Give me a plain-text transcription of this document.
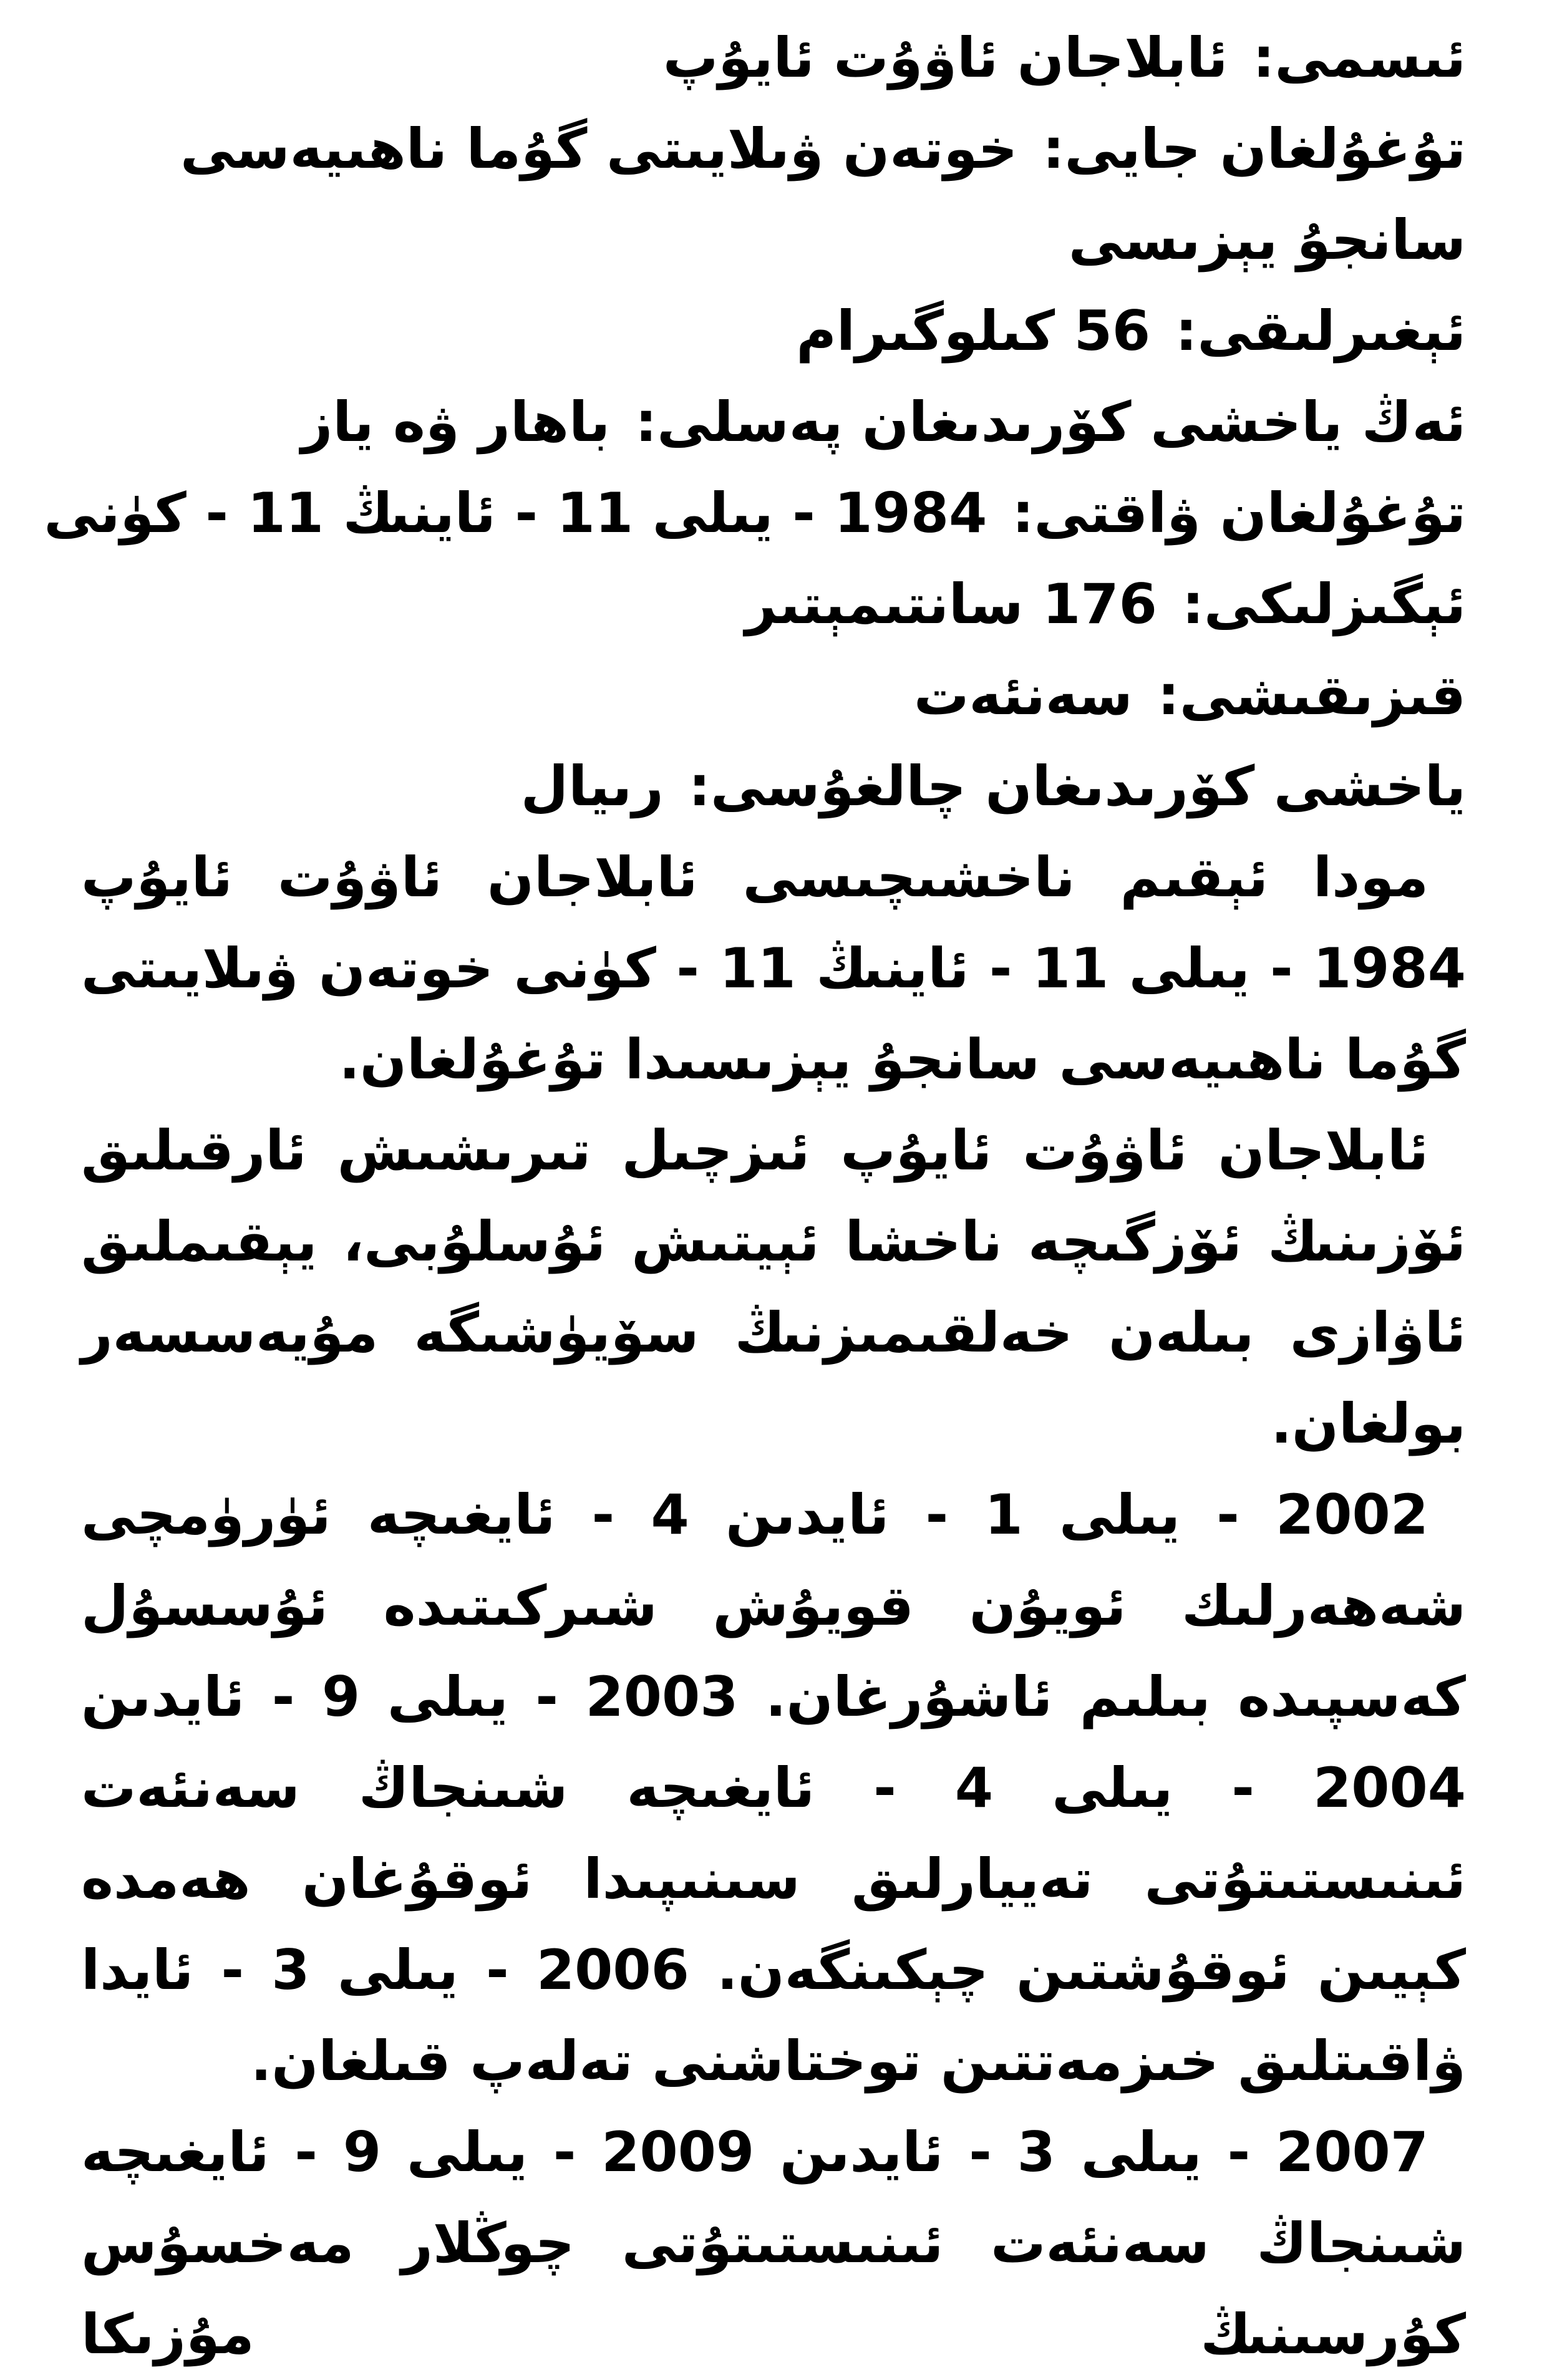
ئىسمى:ئابلاجان ئاۋۇت ئايۇپ

تۇغۇلغان جايى:خوتەن ۋىلايىتى گۇما ناھىيەسى سانجۇ يېزىسى

ئېغىرلىقى:56 كىلوگىرام

ئەڭ ياخشى كۆرىدىغان پەسلى:باھار ۋە ياز

تۇغۇلغان ۋاقتى:1984 - يىلى 11 - ئاينىڭ 11 - كۈنى

ئېگىزلىكى:176 سانتىمېتىر

قىزىقىشى:سەنئەت

ياخشى كۆرىدىغان چالغۇسى:رىيال

مودا ئېقىم ناخشىچىسى ئابلاجان ئاۋۇت ئايۇپ 1984 - يىلى 11 - ئاينىڭ 11 - كۈنى خوتەن ۋىلايىتى گۇما ناھىيەسى سانجۇ يېزىسىدا تۇغۇلغان.

ئابلاجان ئاۋۇت ئايۇپ ئىزچىل تىرىشىش ئارقىلىق ئۆزىنىڭ ئۆزگىچە ناخشا ئېيتىش ئۇسلۇبى، يېقىملىق ئاۋازى بىلەن خەلقىمىزنىڭ سۆيۈشىگە مۇيەسسەر بولغان.

2002 - يىلى 1 - ئايدىن 4 - ئايغىچە ئۈرۈمچى شەھەرلىك ئويۇن قويۇش شىركىتىدە ئۇسسۇل كەسپىدە بىلىم ئاشۇرغان. 2003 - يىلى 9 - ئايدىن 2004 - يىلى 4 - ئايغىچە شىنجاڭ سەنئەت ئىنىستىتۇتى تەييارلىق سىنىپىدا ئوقۇغان ھەمدە كېيىن ئوقۇشتىن چېكىنگەن. 2006 - يىلى 3 - ئايدا ۋاقىتلىق خىزمەتتىن توختاشنى تەلەپ قىلغان.

2007 - يىلى 3 - ئايدىن 2009 - يىلى 9 - ئايغىچە شىنجاڭ سەنئەت ئىنىستىتۇتى چوڭلار مەخسۇس كۇرسىنىڭ مۇزىكا
